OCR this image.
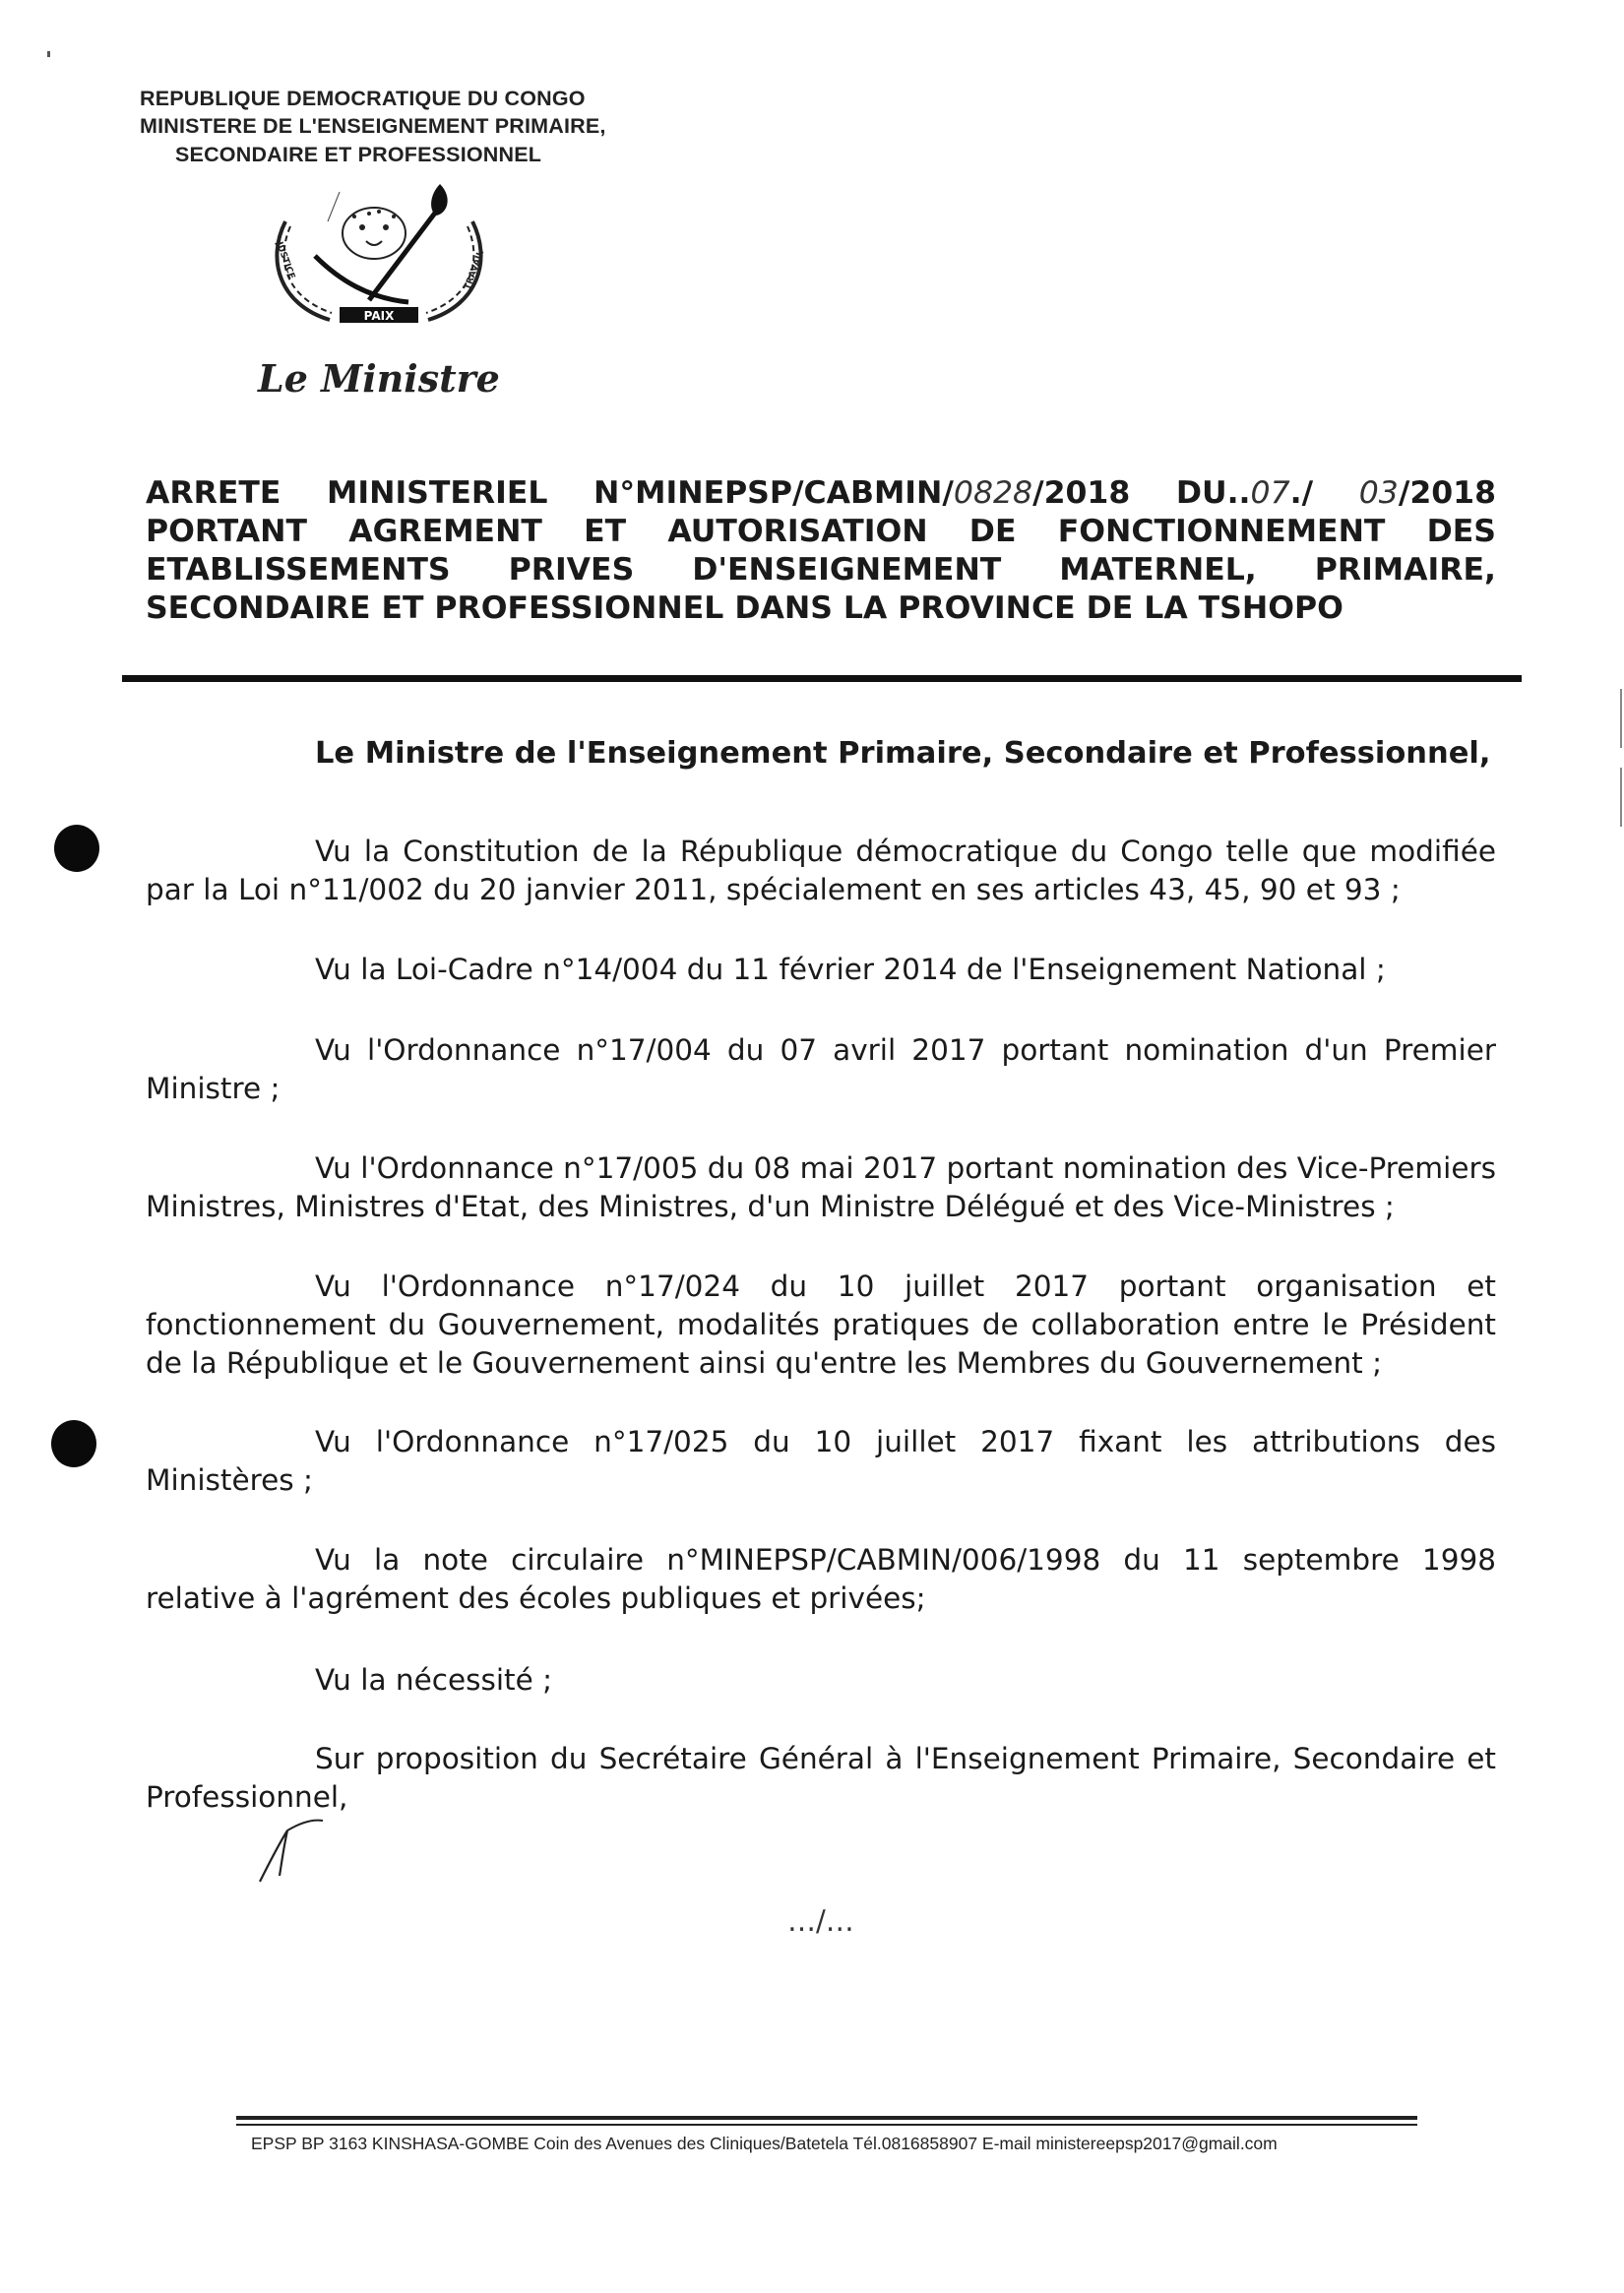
REPUBLIQUE DEMOCRATIQUE DU CONGO
MINISTERE DE L'ENSEIGNEMENT PRIMAIRE,
SECONDAIRE ET PROFESSIONNEL
PAIX
JUSTICE	TRAVAIL
Le Ministre
ARRETE MINISTERIEL N°MINEPSP/CABMIN/0828/2018 DU..07./ 03/2018
PORTANT AGREMENT ET AUTORISATION DE FONCTIONNEMENT DES
ETABLISSEMENTS PRIVES D'ENSEIGNEMENT MATERNEL, PRIMAIRE,
SECONDAIRE ET PROFESSIONNEL DANS LA PROVINCE DE LA TSHOPO
Le Ministre de l'Enseignement Primaire, Secondaire et Professionnel,
Vu la Constitution de la République démocratique du Congo telle que modifiée
par la Loi n°11/002 du 20 janvier 2011, spécialement en ses articles 43, 45, 90 et 93 ;
Vu la Loi-Cadre n°14/004 du 11 février 2014 de l'Enseignement National ;
Vu l'Ordonnance n°17/004 du 07 avril 2017 portant nomination d'un Premier
Ministre ;
Vu l'Ordonnance n°17/005 du 08 mai 2017 portant nomination des Vice-Premiers
Ministres, Ministres d'Etat, des Ministres, d'un Ministre Délégué et des Vice-Ministres ;
Vu l'Ordonnance n°17/024 du 10 juillet 2017 portant organisation et
fonctionnement du Gouvernement, modalités pratiques de collaboration entre le Président
de la République et le Gouvernement ainsi qu'entre les Membres du Gouvernement ;
Vu l'Ordonnance n°17/025 du 10 juillet 2017 fixant les attributions des
Ministères ;
Vu la note circulaire n°MINEPSP/CABMIN/006/1998 du 11 septembre 1998
relative à l'agrément des écoles publiques et privées;
Vu la nécessité ;
Sur proposition du Secrétaire Général à l'Enseignement Primaire, Secondaire et
Professionnel,
…/…
EPSP BP 3163 KINSHASA-GOMBE Coin des Avenues des Cliniques/Batetela Tél.0816858907 E-mail ministereepsp2017@gmail.com
